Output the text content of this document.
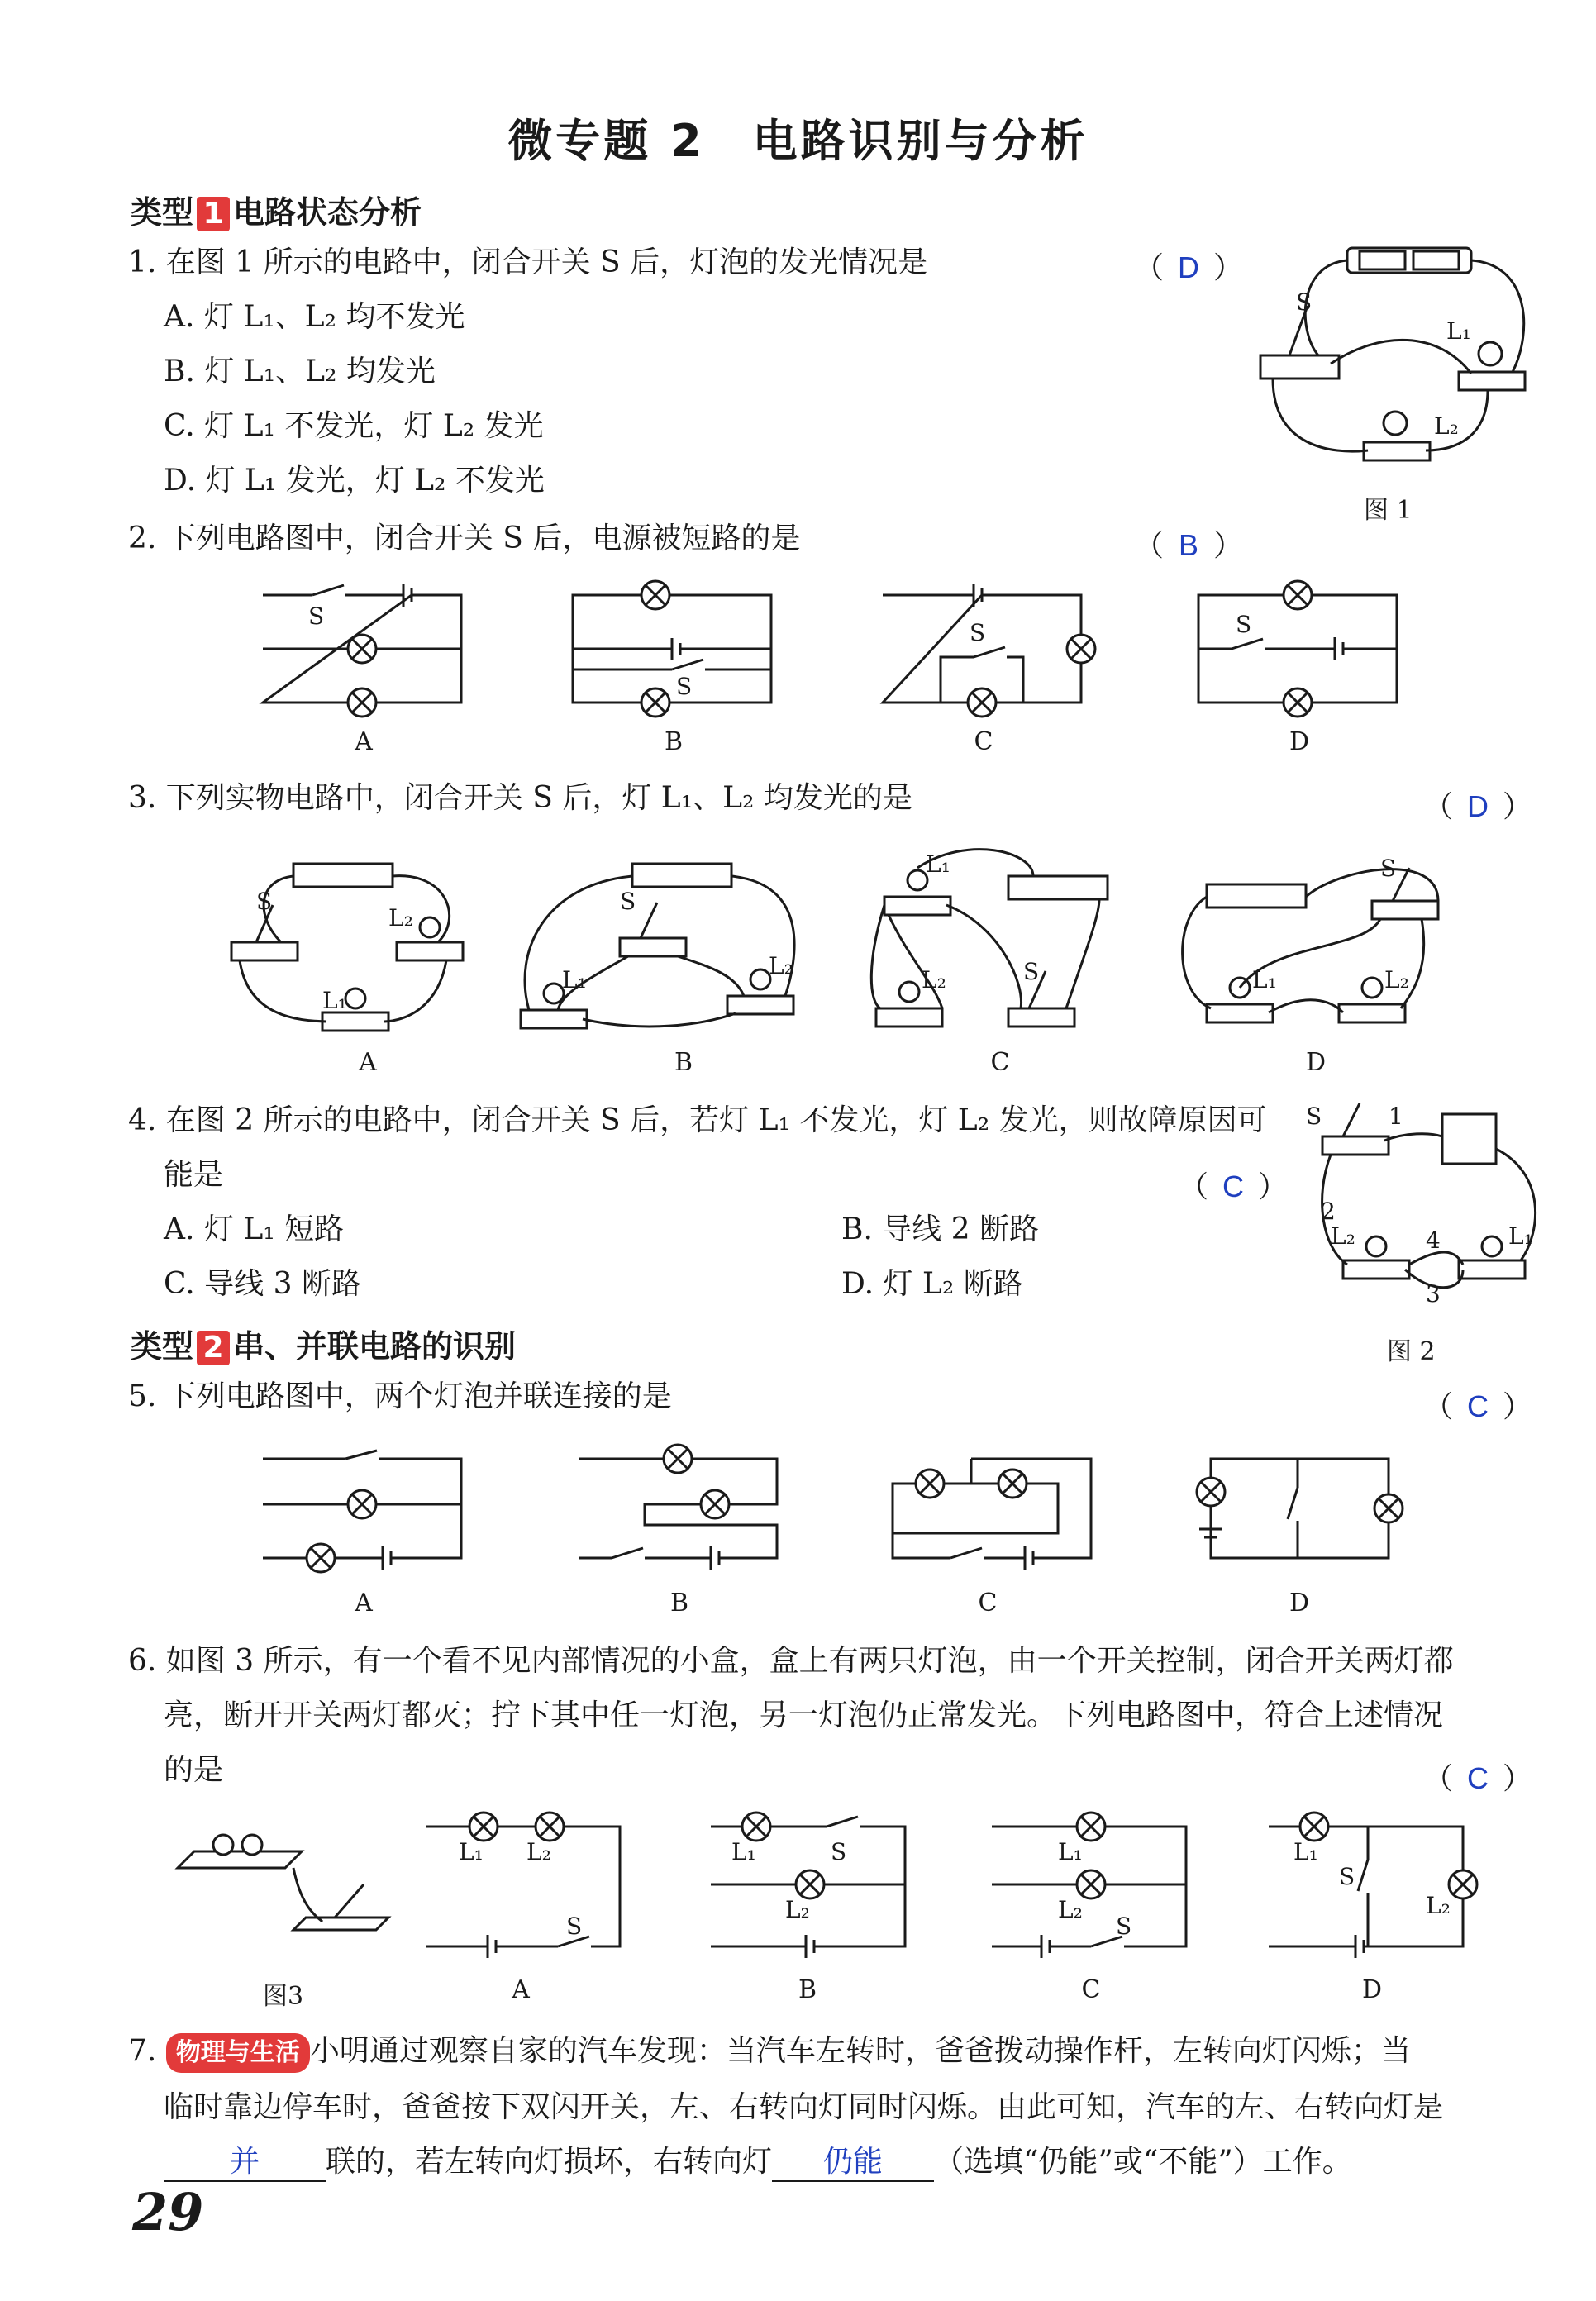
微专题 2　电路识别与分析
类型 1 电路状态分析
1. 在图 1 所示的电路中，闭合开关 S 后，灯泡的发光情况是	（ D ）
A. 灯 L₁、L₂ 均不发光
B. 灯 L₁、L₂ 均发光
C. 灯 L₁ 不发光，灯 L₂ 发光
D. 灯 L₁ 发光，灯 L₂ 不发光
S
L₁
L₂
图 1
2. 下列电路图中，闭合开关 S 后，电源被短路的是	（ B ）
S
A
S
B
S
C
S
D
3. 下列实物电路中，闭合开关 S 后，灯 L₁、L₂ 均发光的是	（ D ）
S
L₂
L₁
A
S
L₁
L₂
B
L₁
L₂	S
C
S
L₁	L₂
D
4. 在图 2 所示的电路中，闭合开关 S 后，若灯 L₁ 不发光，灯 L₂ 发光，则故障原因可
能是	（ C ）
A. 灯 L₁ 短路	B. 导线 2 断路
C. 导线 3 断路	D. 灯 L₂ 断路
S	1
2
3
4
L₂	L₁
图 2
类型 2 串、并联电路的识别
5. 下列电路图中，两个灯泡并联连接的是	（ C ）
A	B	C	D
6. 如图 3 所示，有一个看不见内部情况的小盒，盒上有两只灯泡，由一个开关控制，闭合开关两灯都
亮，断开开关两灯都灭；拧下其中任一灯泡，另一灯泡仍正常发光。下列电路图中，符合上述情况
的是	（ C ）
图3
L₁ L₂
S
A
L₁
L₂
S
B
L₁
L₂
S
C
L₁
L₂
S
D
7. 物理与生活 小明通过观察自家的汽车发现：当汽车左转时，爸爸拨动操作杆，左转向灯闪烁；当
临时靠边停车时，爸爸按下双闪开关，左、右转向灯同时闪烁。由此可知，汽车的左、右转向灯是
并 联的，若左转向灯损坏，右转向灯 仍能 （选填“仍能”或“不能”）工作。
29
